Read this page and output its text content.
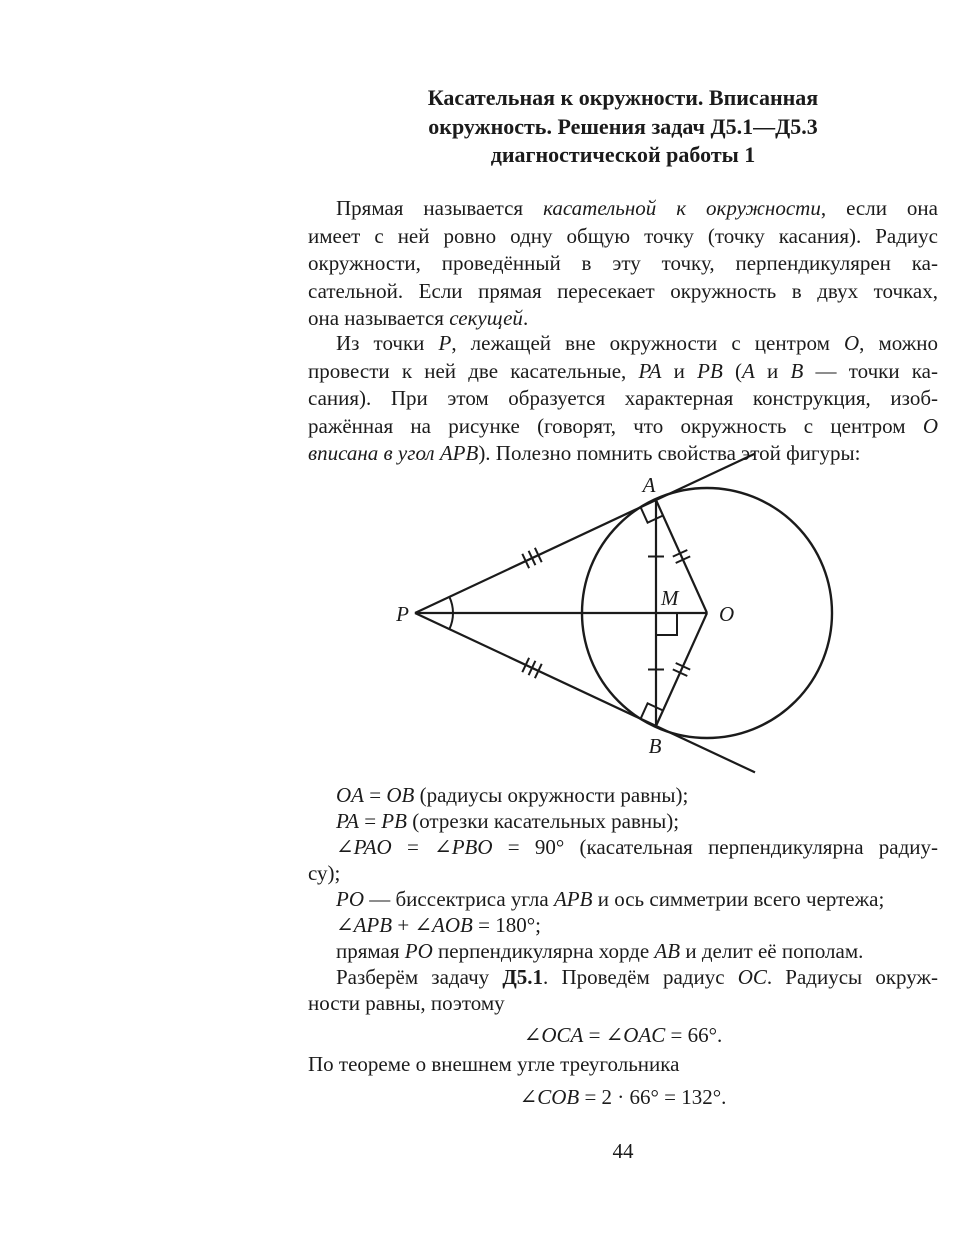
Касательная к окружности. Вписанная
окружность. Решения задач Д5.1—Д5.3
диагностической работы 1
Прямая называется касательной к окружности, если она
имеет с ней ровно одну общую точку (точку касания). Радиус
окружности, проведённый в эту точку, перпендикулярен ка-
сательной. Если прямая пересекает окружность в двух точках,
она называется секущей.
Из точки P, лежащей вне окружности с центром O, можно
провести к ней две касательные, PA и PB (A и B — точки ка-
сания). При этом образуется характерная конструкция, изоб-
ражённая на рисунке (говорят, что окружность с центром O
вписана в угол APB). Полезно помнить свойства этой фигуры:
P
A
B
M
O
OA = OB (радиусы окружности равны);
PA = PB (отрезки касательных равны);
∠PAO = ∠PBO = 90° (касательная перпендикулярна радиу-
су);
PO — биссектриса угла APB и ось симметрии всего чертежа;
∠APB + ∠AOB = 180°;
прямая PO перпендикулярна хорде AB и делит её пополам.
Разберём задачу Д5.1. Проведём радиус OC. Радиусы окруж-
ности равны, поэтому
∠OCA = ∠OAC = 66°.
По теореме о внешнем угле треугольника
∠COB = 2 · 66° = 132°.
44
